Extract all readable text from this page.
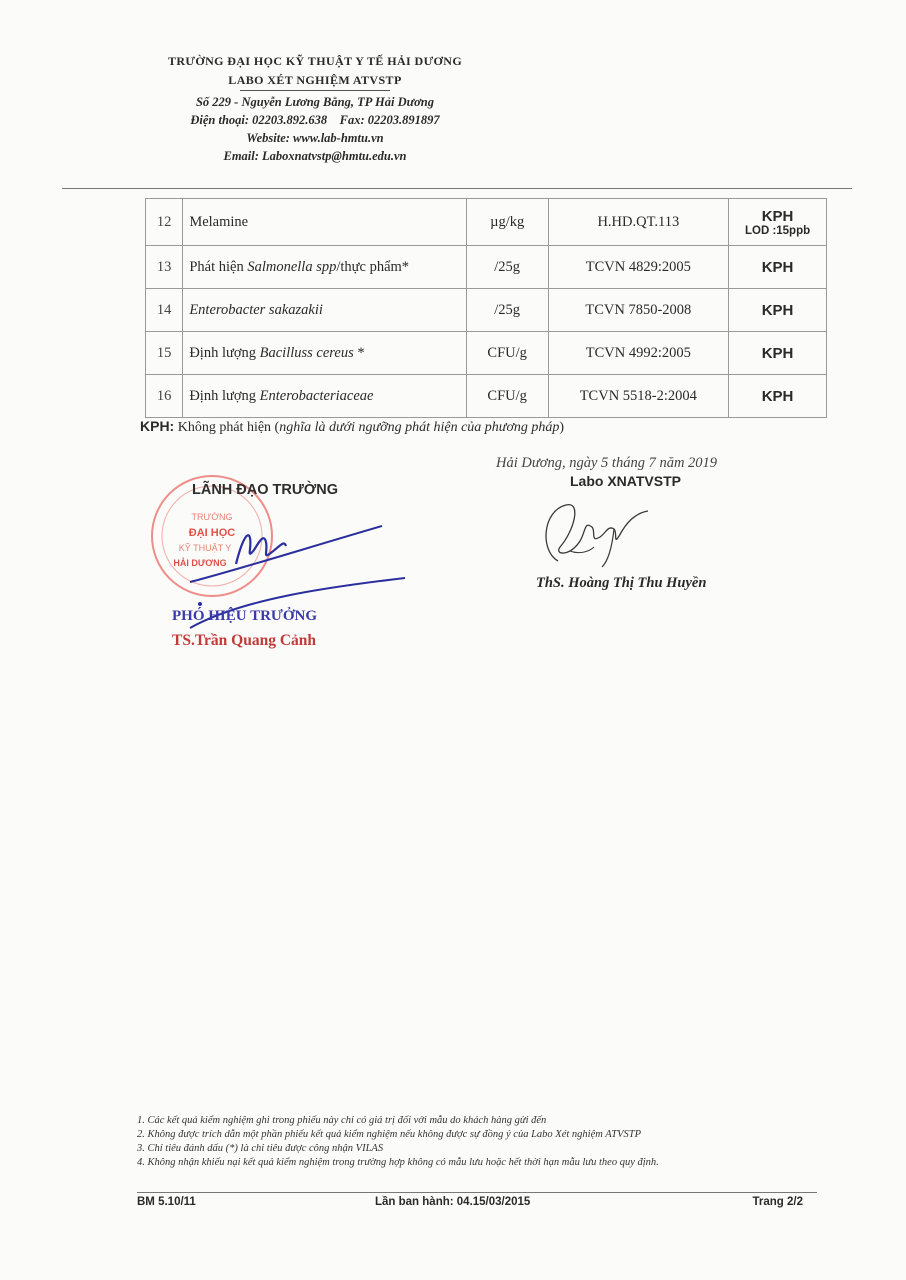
TRƯỜNG ĐẠI HỌC KỸ THUẬT Y TẾ HẢI DƯƠNG
LABO XÉT NGHIỆM ATVSTP
Số 229 - Nguyễn Lương Bằng, TP Hải Dương
Điện thoại: 02203.892.638 Fax: 02203.891897
Website: www.lab-hmtu.vn
Email: Laboxnatvstp@hmtu.edu.vn
12	Melamine	µg/kg	H.HD.QT.113	KPH
LOD :15ppb

13	Phát hiện Salmonella spp/thực phẩm*	/25g	TCVN 4829:2005	KPH
14	Enterobacter sakazakii	/25g	TCVN 7850-2008	KPH
15	Định lượng Bacilluss cereus *	CFU/g	TCVN 4992:2005	KPH
16	Định lượng Enterobacteriaceae	CFU/g	TCVN 5518-2:2004	KPH
KPH: Không phát hiện (nghĩa là dưới ngưỡng phát hiện của phương pháp)
TRƯỜNG
ĐẠI HỌC
KỸ THUẬT Y
HẢI DƯƠNG
LÃNH ĐẠO TRƯỜNG
PHÓ HIỆU TRƯỞNG
TS.Trần Quang Cảnh
Hải Dương, ngày 5 tháng 7 năm 2019
Labo XNATVSTP
ThS. Hoàng Thị Thu Huyền
1. Các kết quả kiểm nghiệm ghi trong phiếu này chỉ có giá trị đối với mẫu do khách hàng gửi đến
2. Không được trích dẫn một phần phiếu kết quả kiểm nghiệm nếu không được sự đồng ý của Labo Xét nghiệm ATVSTP
3. Chỉ tiêu đánh dấu (*) là chỉ tiêu được công nhận VILAS
4. Không nhận khiếu nại kết quả kiểm nghiệm trong trường hợp không có mẫu lưu hoặc hết thời hạn mẫu lưu theo quy định.
BM 5.10/11	Lần ban hành: 04.15/03/2015	Trang 2/2
